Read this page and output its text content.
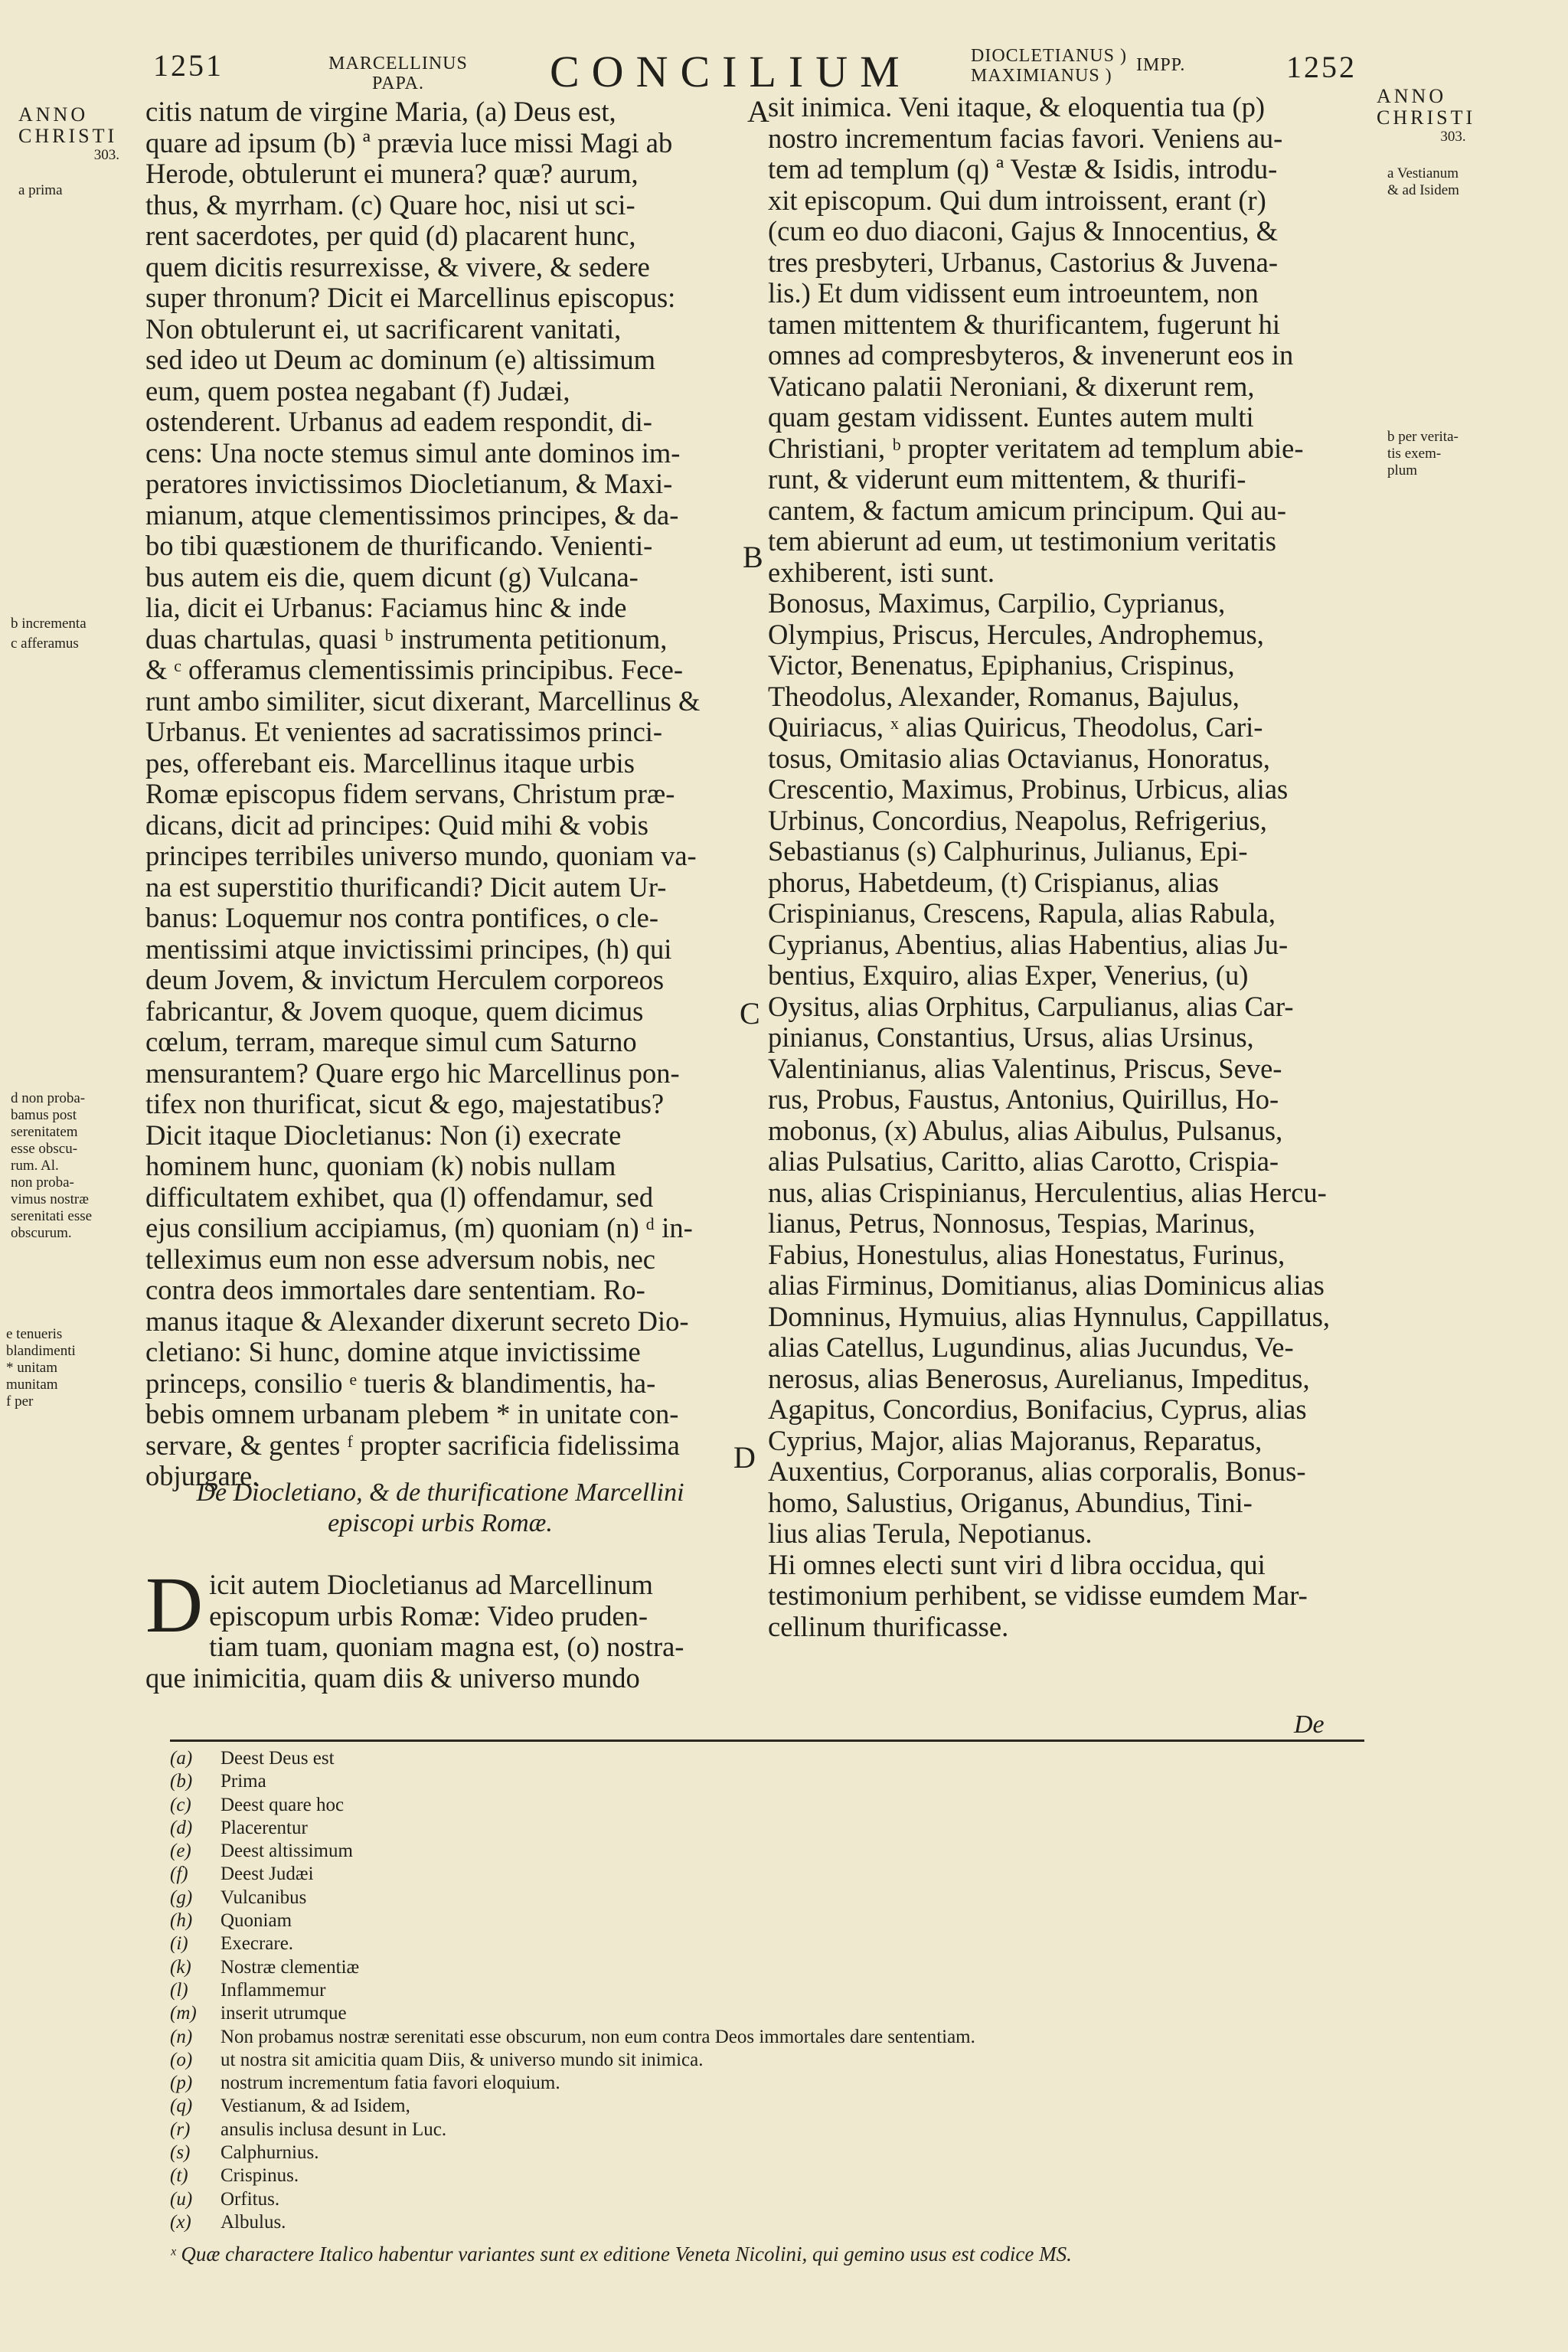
1251	MARCELLINUS
PAPA.	CONCILIUM	DIOCLETIANUS )
MAXIMIANUS )
IMPP.	1252
ANNO
CHRISTI
303.
a prima
b incrementa
c afferamus
d non proba-
bamus post
serenitatem
esse obscu-
rum. Al.
non proba-
vimus nostræ
serenitati esse
obscurum.
e tenueris
blandimenti
* unitam
munitam
f per
ANNO
CHRISTI
303.
a Vestianum
& ad Isidem
b per verita-
tis exem-
plum
A
B
C
D
citis natum de virgine Maria, (a) Deus est,
quare ad ipsum (b) ª prævia luce missi Magi ab
Herode, obtulerunt ei munera? quæ? aurum,
thus, & myrrham. (c) Quare hoc, nisi ut sci-
rent sacerdotes, per quid (d) placarent hunc,
quem dicitis resurrexisse, & vivere, & sedere
super thronum? Dicit ei Marcellinus episcopus:
Non obtulerunt ei, ut sacrificarent vanitati,
sed ideo ut Deum ac dominum (e) altissimum
eum, quem postea negabant (f) Judæi,
ostenderent. Urbanus ad eadem respondit, di-
cens: Una nocte stemus simul ante dominos im-
peratores invictissimos Diocletianum, & Maxi-
mianum, atque clementissimos principes, & da-
bo tibi quæstionem de thurificando. Venienti-
bus autem eis die, quem dicunt (g) Vulcana-
lia, dicit ei Urbanus: Faciamus hinc & inde
duas chartulas, quasi ᵇ instrumenta petitionum,
& ᶜ offeramus clementissimis principibus. Fece-
runt ambo similiter, sicut dixerant, Marcellinus &
Urbanus. Et venientes ad sacratissimos princi-
pes, offerebant eis. Marcellinus itaque urbis
Romæ episcopus fidem servans, Christum præ-
dicans, dicit ad principes: Quid mihi & vobis
principes terribiles universo mundo, quoniam va-
na est superstitio thurificandi? Dicit autem Ur-
banus: Loquemur nos contra pontifices, o cle-
mentissimi atque invictissimi principes, (h) qui
deum Jovem, & invictum Herculem corporeos
fabricantur, & Jovem quoque, quem dicimus
cœlum, terram, mareque simul cum Saturno
mensurantem? Quare ergo hic Marcellinus pon-
tifex non thurificat, sicut & ego, majestatibus?
Dicit itaque Diocletianus: Non (i) execrate
hominem hunc, quoniam (k) nobis nullam
difficultatem exhibet, qua (l) offendamur, sed
ejus consilium accipiamus, (m) quoniam (n) ᵈ in-
telleximus eum non esse adversum nobis, nec
contra deos immortales dare sententiam. Ro-
manus itaque & Alexander dixerunt secreto Dio-
cletiano: Si hunc, domine atque invictissime
princeps, consilio ᵉ tueris & blandimentis, ha-
bebis omnem urbanam plebem * in unitate con-
servare, & gentes ᶠ propter sacrificia fidelissima
objurgare.
De Diocletiano, & de thurificatione Marcellini
episcopi urbis Romæ.
D icit autem Diocletianus ad Marcellinum
episcopum urbis Romæ: Video pruden-
tiam tuam, quoniam magna est, (o) nostra-
que inimicitia, quam diis & universo mundo
sit inimica. Veni itaque, & eloquentia tua (p)
nostro incrementum facias favori. Veniens au-
tem ad templum (q) ª Vestæ & Isidis, introdu-
xit episcopum. Qui dum introissent, erant (r)
(cum eo duo diaconi, Gajus & Innocentius, &
tres presbyteri, Urbanus, Castorius & Juvena-
lis.) Et dum vidissent eum introeuntem, non
tamen mittentem & thurificantem, fugerunt hi
omnes ad compresbyteros, & invenerunt eos in
Vaticano palatii Neroniani, & dixerunt rem,
quam gestam vidissent. Euntes autem multi
Christiani, ᵇ propter veritatem ad templum abie-
runt, & viderunt eum mittentem, & thurifi-
cantem, & factum amicum principum. Qui au-
tem abierunt ad eum, ut testimonium veritatis
exhiberent, isti sunt.
Bonosus, Maximus, Carpilio, Cyprianus,
Olympius, Priscus, Hercules, Androphemus,
Victor, Benenatus, Epiphanius, Crispinus,
Theodolus, Alexander, Romanus, Bajulus,
Quiriacus, ˣ alias Quiricus, Theodolus, Cari-
tosus, Omitasio alias Octavianus, Honoratus,
Crescentio, Maximus, Probinus, Urbicus, alias
Urbinus, Concordius, Neapolus, Refrigerius,
Sebastianus (s) Calphurinus, Julianus, Epi-
phorus, Habetdeum, (t) Crispianus, alias
Crispinianus, Crescens, Rapula, alias Rabula,
Cyprianus, Abentius, alias Habentius, alias Ju-
bentius, Exquiro, alias Exper, Venerius, (u)
Oysitus, alias Orphitus, Carpulianus, alias Car-
pinianus, Constantius, Ursus, alias Ursinus,
Valentinianus, alias Valentinus, Priscus, Seve-
rus, Probus, Faustus, Antonius, Quirillus, Ho-
mobonus, (x) Abulus, alias Aibulus, Pulsanus,
alias Pulsatius, Caritto, alias Carotto, Crispia-
nus, alias Crispinianus, Herculentius, alias Hercu-
lianus, Petrus, Nonnosus, Tespias, Marinus,
Fabius, Honestulus, alias Honestatus, Furinus,
alias Firminus, Domitianus, alias Dominicus alias
Domninus, Hymuius, alias Hynnulus, Cappillatus,
alias Catellus, Lugundinus, alias Jucundus, Ve-
nerosus, alias Benerosus, Aurelianus, Impeditus,
Agapitus, Concordius, Bonifacius, Cyprus, alias
Cyprius, Major, alias Majoranus, Reparatus,
Auxentius, Corporanus, alias corporalis, Bonus-
homo, Salustius, Origanus, Abundius, Tini-
lius alias Terula, Nepotianus.
Hi omnes electi sunt viri d libra occidua, qui
testimonium perhibent, se vidisse eumdem Mar-
cellinum thurificasse.
De
(a) Deest Deus est
(b) Prima
(c) Deest quare hoc
(d) Placerentur
(e) Deest altissimum
(f) Deest Judæi
(g) Vulcanibus
(h) Quoniam
(i) Execrare.
(k) Nostræ clementiæ
(l) Inflammemur
(m) inserit utrumque
(n) Non probamus nostræ serenitati esse obscurum, non eum contra Deos immortales dare sententiam.
(o) ut nostra sit amicitia quam Diis, & universo mundo sit inimica.
(p) nostrum incrementum fatia favori eloquium.
(q) Vestianum, & ad Isidem,
(r) ansulis inclusa desunt in Luc.
(s) Calphurnius.
(t) Crispinus.
(u) Orfitus.
(x) Albulus.
ˣ Quæ charactere Italico habentur variantes sunt ex editione Veneta Nicolini, qui gemino usus est codice MS.
